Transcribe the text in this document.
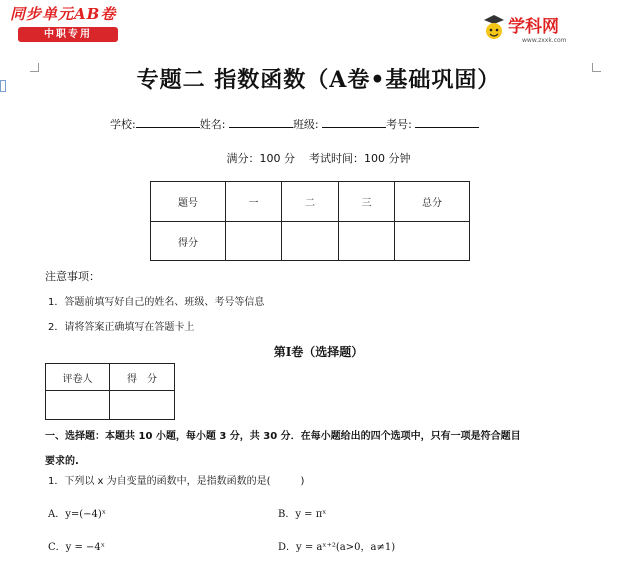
同步单元AB卷
中职专用	学科网
www.zxxk.com
专题二 指数函数（A卷•基础巩固）
学校:	姓名:	班级:	考号:
满分：100 分 考试时间：100 分钟
题号	一	二	三	总分
得分				
注意事项：
1．答题前填写好自己的姓名、班级、考号等信息
2．请将答案正确填写在答题卡上
第Ⅰ卷（选择题）
评卷人	得　分

一、选择题：本题共 10 小题，每小题 3 分，共 30 分．在每小题给出的四个选项中，只有一项是符合题目
要求的.
1．下列以 x 为自变量的函数中，是指数函数的是(　　　)
A．y=(−4)ˣ	B．y = πˣ
C．y = −4ˣ	D．y = aˣ⁺²(a>0，a≠1)
